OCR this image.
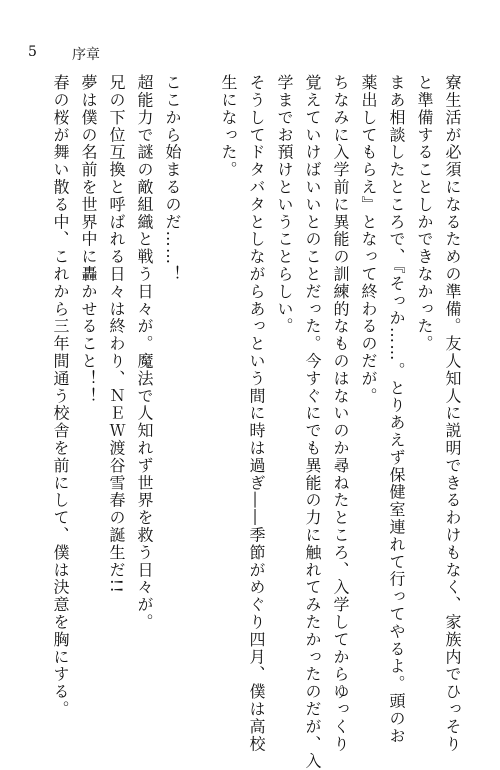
5	序章
寮生活が必須になるための準備。友人知人に説明できるわけもなく、家族内でひっそり
と準備することしかできなかった。
まあ相談したところで、『そっか……。とりあえず保健室連れて行ってやるよ。頭のお
薬出してもらえ』となって終わるのだが。
ちなみに入学前に異能の訓練的なものはないのか尋ねたところ、入学してからゆっくり
覚えていけばいいとのことだった。今すぐにでも異能の力に触れてみたかったのだが、入
学までお預けということらしい。
そうしてドタバタとしながらあっという間に時は過ぎ――季節がめぐり四月、僕は高校
生になった。
ここから始まるのだ……！
超能力で謎の敵組織と戦う日々が。魔法で人知れず世界を救う日々が。
兄の下位互換と呼ばれる日々は終わり、ＮＥＷ渡谷雪春の誕生だ!!
夢は僕の名前を世界中に轟かせること！！
春の桜が舞い散る中、これから三年間通う校舎を前にして、僕は決意を胸にする。
